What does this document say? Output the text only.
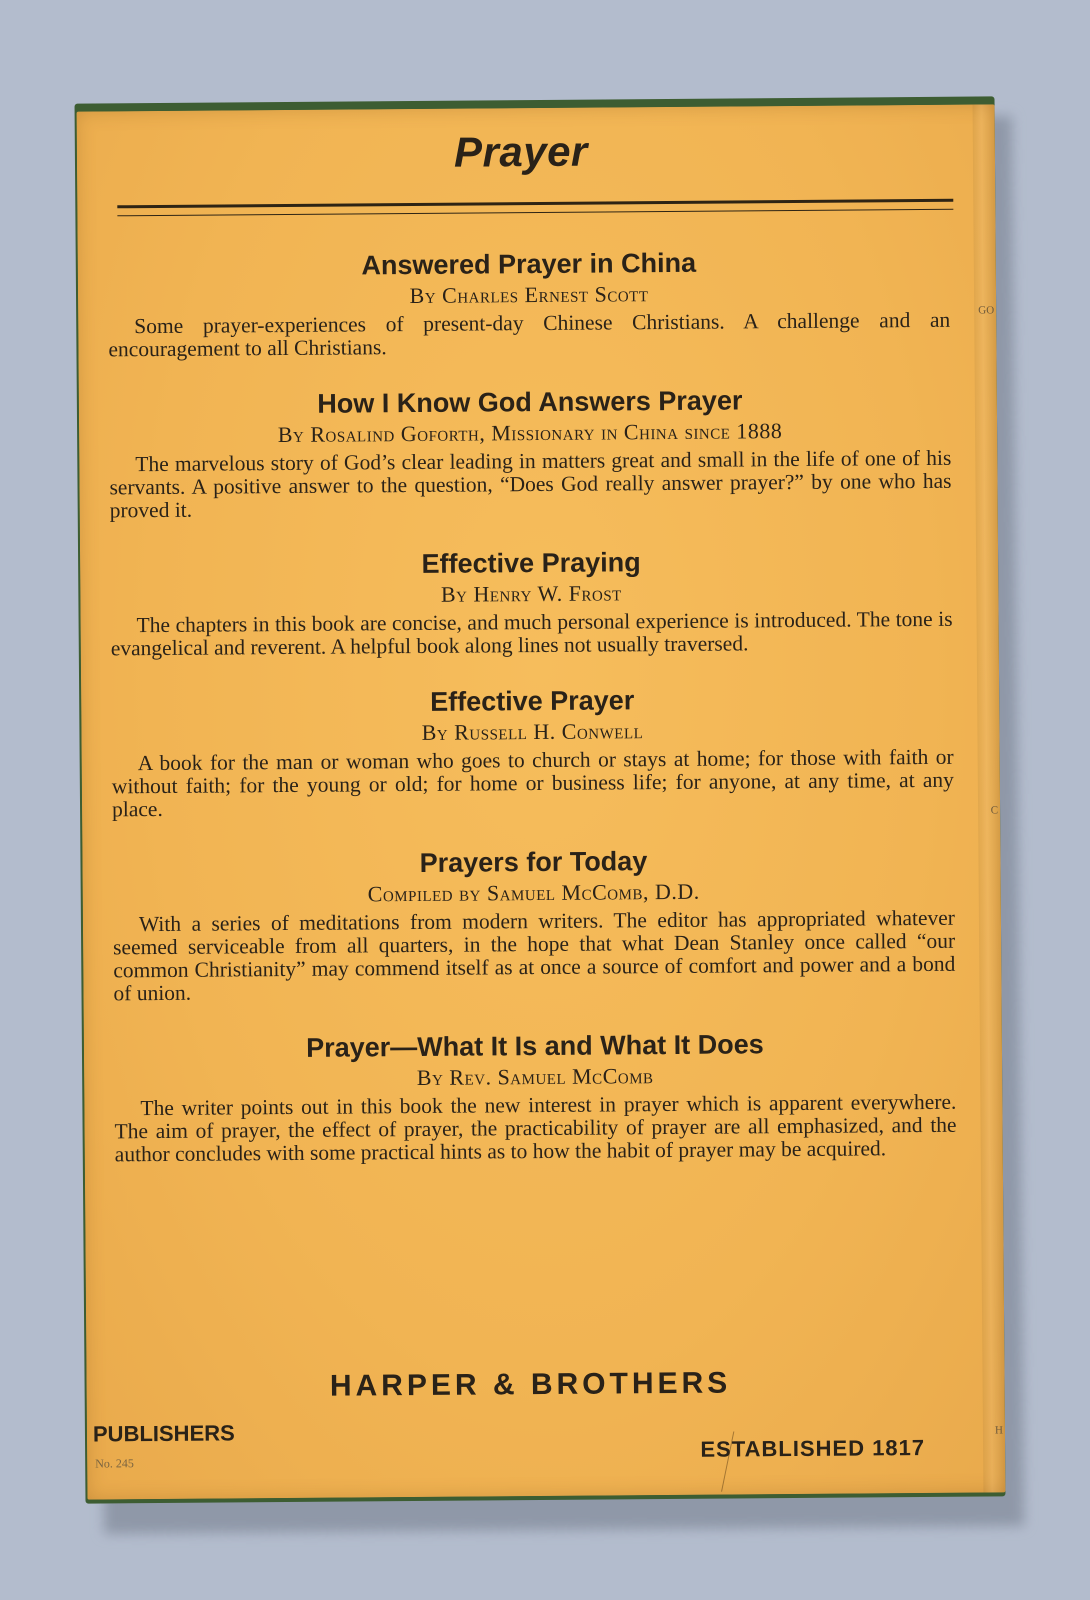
GO
C
H
Prayer
Answered Prayer in China
By Charles Ernest Scott

Some prayer-experiences of present-day Chinese Christians. A challenge and an encouragement to all Christians.

How I Know God Answers Prayer
By Rosalind Goforth, Missionary in China since 1888

The marvelous story of God’s clear leading in matters great and small in the life of one of his servants. A positive answer to the question, “Does God really answer prayer?” by one who has proved it.

Effective Praying
By Henry W. Frost

The chapters in this book are concise, and much personal experience is introduced. The tone is evangelical and reverent. A helpful book along lines not usually traversed.

Effective Prayer
By Russell H. Conwell

A book for the man or woman who goes to church or stays at home; for those with faith or without faith; for the young or old; for home or business life; for anyone, at any time, at any place.

Prayers for Today
Compiled by Samuel McComb, D.D.

With a series of meditations from modern writers. The editor has appropriated whatever seemed serviceable from all quarters, in the hope that what Dean Stanley once called “our common Christianity” may commend itself as at once a source of comfort and power and a bond of union.

Prayer—What It Is and What It Does
By Rev. Samuel McComb

The writer points out in this book the new interest in prayer which is apparent everywhere. The aim of prayer, the effect of prayer, the practicability of prayer are all emphasized, and the author concludes with some practical hints as to how the habit of prayer may be acquired.

HARPER & BROTHERS
PUBLISHERS
No. 245
ESTABLISHED 1817
